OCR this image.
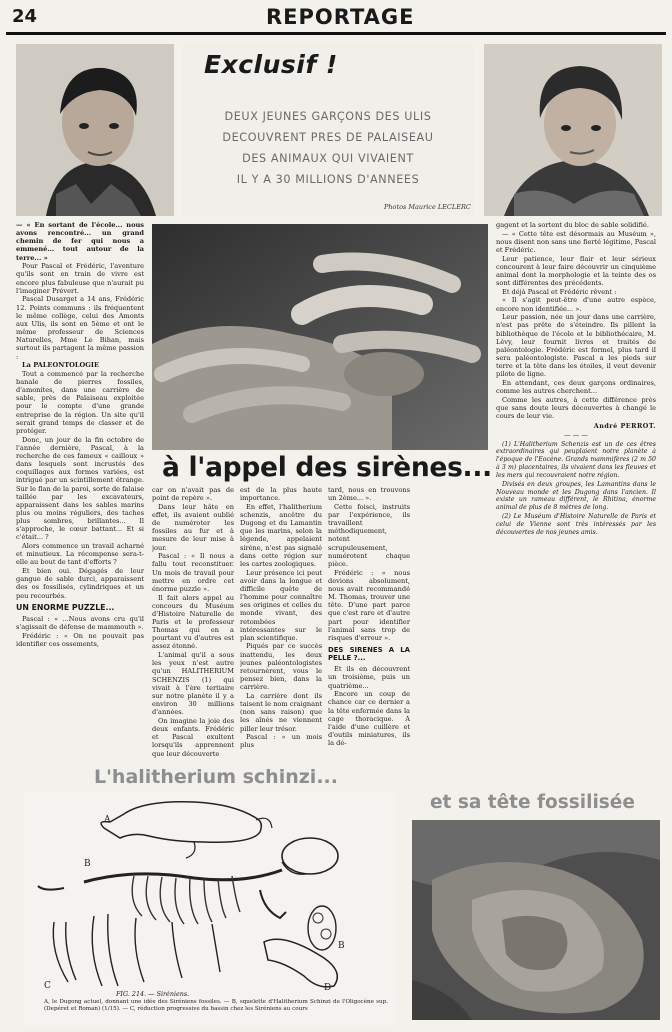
24	REPORTAGE
Exclusif !
DEUX JEUNES GARÇONS DES ULIS
DECOUVRENT PRES DE PALAISEAU
DES ANIMAUX QUI VIVAIENT
IL Y A 30 MILLIONS D'ANNEES
Photos Maurice LECLERC
à l'appel des sirènes...

— « En sortant de l'école... nous avons rencontré... un grand chemin de fer qui nous a emmené... tout autour de la terre... »

Pour Pascal et Frédéric, l'aventure qu'ils sont en train de vivre est encore plus fabuleuse que n'aurait pu l'imaginer Prévert.

Pascal Dusarget a 14 ans, Frédéric 12. Points communs : ils fréquentent le même collège, celui des Amonts aux Ulis, ils sont en 5ème et ont le même professeur de Sciences Naturelles, Mme Le Bihan, mais surtout ils partagent la même passion :

La PALEONTOLOGIE

Tout a commencé par la recherche banale de pierres fossiles, d'amonites, dans une carrière de sable, près de Palaiseau exploitée pour le compte d'une grande entreprise de la région. Un site qu'il serait grand temps de classer et de protéger.

Donc, un jour de la fin octobre de l'année dernière, Pascal, à la recherche de ces fameux « cailloux » dans lesquels sont incrustés des coquillages aux formes variées, est intrigué par un scintillement étrange. Sur le flan de la paroi, sorte de falaise taillée par les excavateurs, apparaissent dans les sables marins plus ou moins réguliers, des taches plus sombres, brillantes... Il s'approche, le cœur battant... Et si c'était... ?

Alors commence un travail acharné et minutieux. La récompense sera-t-elle au bout de tant d'efforts ?

Et bien oui. Dégagés de leur gangue de sable durci, apparaissent des os fossilisés, cylindriques et un peu recourbés.

UN ENORME PUZZLE...

Pascal : « ...Nous avons cru qu'il s'agissait de défense de mammouth ».

Frédéric : « On ne pouvait pas identifier ces ossements,

car on n'avait pas de point de repère ».

Dans leur hâte en effet, ils avaient oublié de numéroter les fossiles au fur et à mesure de leur mise à jour.

Pascal : « Il nous a fallu tout reconstituer. Un mois de travail pour mettre en ordre cet énorme puzzle ».

Il fait alors appel au concours du Muséum d'Histoire Naturelle de Paris et le professeur Thomas qui en a pourtant vu d'autres est assez étonné.

L'animal qu'il a sous les yeux n'est autre qu'un HALITHERIUM SCHENZIS (1) qui vivait à l'ère tertiaire sur notre planète il y a environ 30 millions d'années.

On imagine la joie des deux enfants. Frédéric et Pascal exultent lorsqu'ils apprennent que leur découverte

est de la plus haute importance.

En effet, l'halitherium schenzis, ancêtre du Dugong et du Lamantin que les marins, selon la légende, appelaient sirène, n'est pas signalé dans cette région sur les cartes zoologiques.

Leur présence ici peut avoir dans la longue et difficile quête de l'homme pour connaître ses origines et celles du monde vivant, des retombées intéressantes sur le plan scientifique.

Piqués par ce succès inattendu, les deux jeunes paléontologistes retournèrent, vous le pensez bien, dans la carrière.

La carrière dont ils taisent le nom craignant (non sans raison) que les aînés ne viennent piller leur trésor.

Pascal : « un mois plus

tard, nous en trouvons un 2ème... ».

Cette foisci, instruits par l'expérience, ils travaillent méthodiquement, notent scrupuleusement, numérotent chaque pièce.

Frédéric : « nous devions absolument, nous avait recommandé M. Thomas, trouver une tête. D'une part parce que c'est rare et d'autre part pour identifier l'animal sans trop de risques d'erreur ».

DES SIRENES A LA PELLE ?...

Et ils en découvrent un troisième, puis un quatrième...

Encore un coup de chance car ce dernier a la tête enfermée dans la cage thoracique. A l'aide d'une cuillère et d'outils miniatures, ils la dé-

gagent et la sortent du bloc de sable solidifié.

— « Cette tête est désormais au Muséum », nous disent non sans une fierté légitime, Pascal et Frédéric.

Leur patience, leur flair et leur sérieux concourent à leur faire découvrir un cinquième animal dont la morphologie et la teinte des os sont différentes des précédents.

Et déjà Pascal et Frédéric rêvent :

« Il s'agit peut-être d'une autre espèce, encore non identifiée... ».

Leur passion, née un jour dans une carrière, n'est pas prête de s'éteindre. Ils pillent la bibliothèque de l'école et le bibliothécaire, M. Lévy, leur fournit livres et traités de paléontologie. Frédéric est formel, plus tard il sera paléontologiste. Pascal a les pieds sur terre et la tête dans les étoiles, il veut devenir pilote de ligne.

En attendant, ces deux garçons ordinaires, comme les autres cherchent...

Comme les autres, à cette différence près que sans doute leurs découvertes à changé le cours de leur vie.

André PERROT.
— — —

(1) L'Halitherium Schenzis est un de ces êtres extraordinaires qui peuplaient notre planète à l'époque de l'Eocène. Grands mammifères (2 m 50 à 3 m) placentaires, ils vivaient dans les fleuves et les mers qui recouvraient notre région.

Divisés en deux groupes, les Lamantins dans le Nouveau monde et les Dugong dans l'ancien. Il existe un rameau différent, le Rhitina, énorme animal de plus de 8 mètres de long.

(2) Le Muséum d'Histoire Naturelle de Paris et celui de Vienne sont très intéressés par les découvertes de nos jeunes amis.

L'halitherium schinzi...
et sa tête fossilisée
A
B
B
C	D
FIG. 214. — Siréniens.
A, le Dugong actuel, donnant une idée des Siréniens fossiles. — B, squelette d'Halitherium Schinzi de l'Oligocène sup. (Depéret et Roman) (1/15). — C, réduction progressive du bassin chez les Siréniens au cours
